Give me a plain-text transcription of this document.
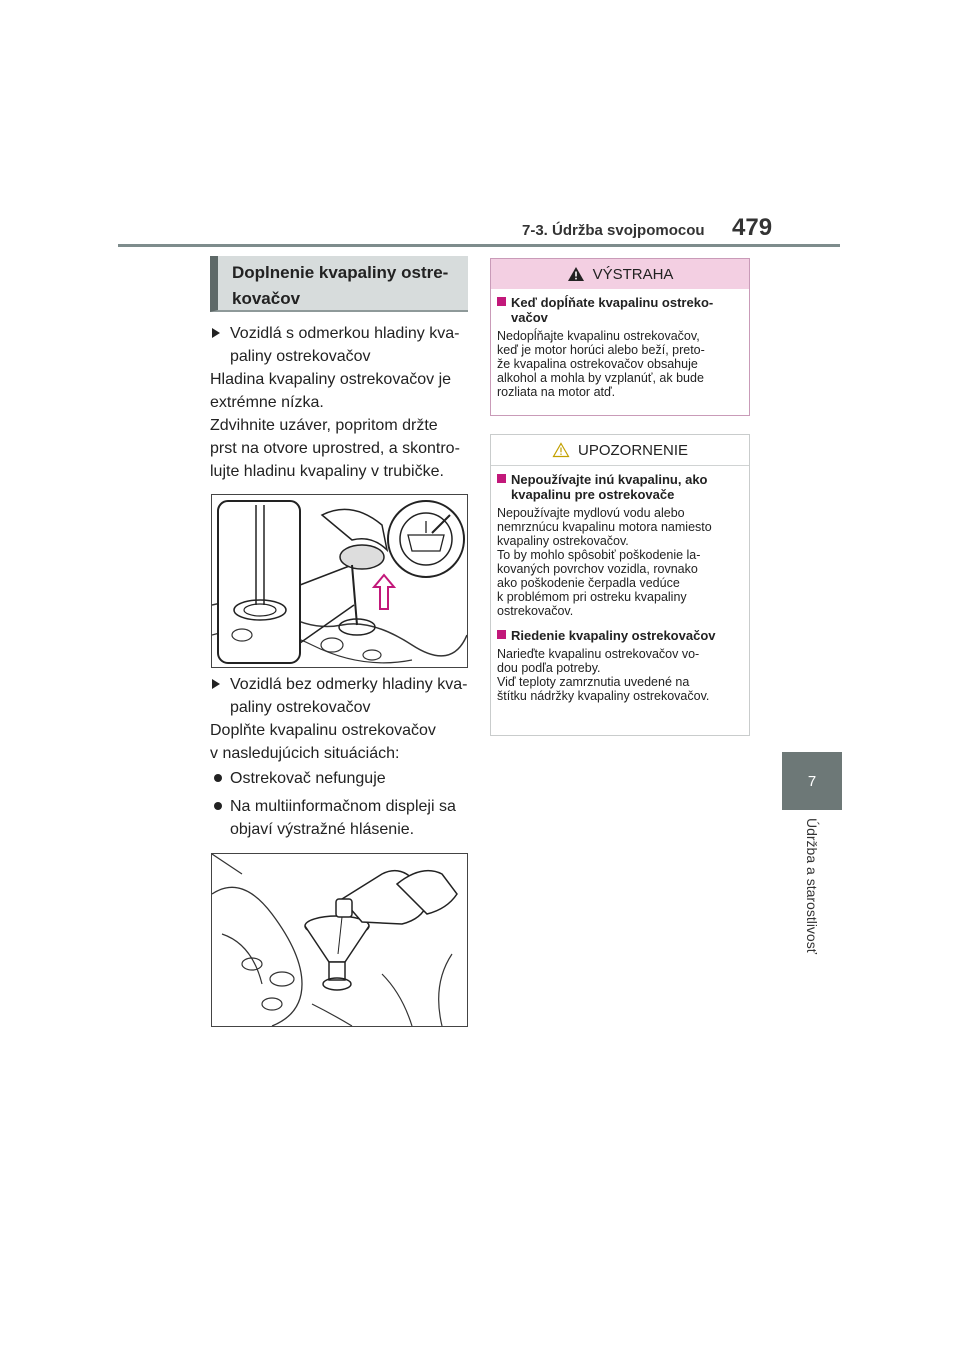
7-3. Údržba svojpomocou 479
7
Údržba a starostlivosť
Doplnenie kvapaliny ostre-
kovačov
Vozidlá s odmerkou hladiny kva-
paliny ostrekovačov
Hladina kvapaliny ostrekovačov je
extrémne nízka.
Zdvihnite uzáver, popritom držte
prst na otvore uprostred, a skontro-
lujte hladinu kvapaliny v trubičke.
Vozidlá bez odmerky hladiny kva-
paliny ostrekovačov
Doplňte kvapalinu ostrekovačov
v nasledujúcich situáciách:
Ostrekovač nefunguje
Na multiinformačnom displeji sa
objaví výstražné hlásenie.
VÝSTRAHA
Keď dopĺňate kvapalinu ostreko-
vačov
Nedopĺňajte kvapalinu ostrekovačov,
keď je motor horúci alebo beží, preto-
že kvapalina ostrekovačov obsahuje
alkohol a mohla by vzplanúť, ak bude
rozliata na motor atď.
UPOZORNENIE
Nepoužívajte inú kvapalinu, ako
kvapalinu pre ostrekovače
Nepoužívajte mydlovú vodu alebo
nemrznúcu kvapalinu motora namiesto
kvapaliny ostrekovačov.
To by mohlo spôsobiť poškodenie la-
kovaných povrchov vozidla, rovnako
ako poškodenie čerpadla vedúce
k problémom pri ostreku kvapaliny
ostrekovačov.
Riedenie kvapaliny ostrekovačov
Narieďte kvapalinu ostrekovačov vo-
dou podľa potreby.
Viď teploty zamrznutia uvedené na
štítku nádržky kvapaliny ostrekovačov.
